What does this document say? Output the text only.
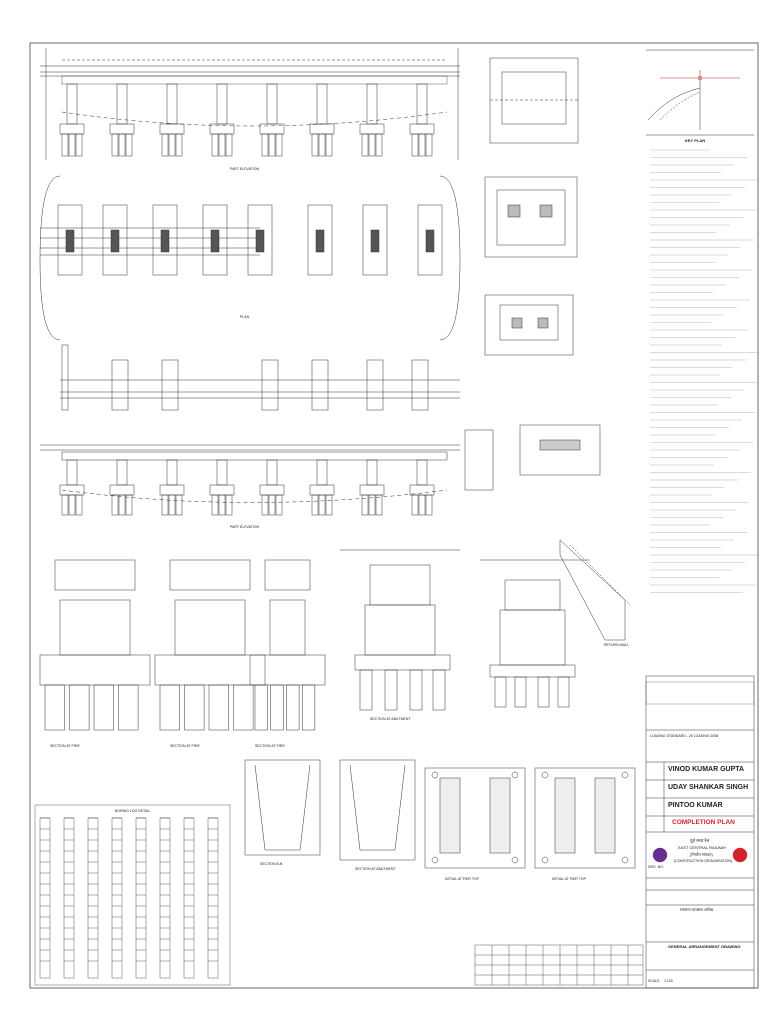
PART ELEVATION
PLAN
PART ELEVATION
SECTION AT ABUTMENT
RETURN WALL
SECTION B-B
SECTION AT ABUTMENT
DETAIL AT PIER TOP	DETAIL AT PIER TOP
BORING LOG DETAIL
KEY PLAN
LOADING STANDARD - 25 LOADING 2008
VINOD KUMAR GUPTA
UDAY SHANKAR SINGH
PINTOO KUMAR
COMPLETION PLAN
पूर्व मध्य रेल
EAST CENTRAL RAILWAY
(निर्माण संगठन)
(CONSTRUCTION ORGANISATION)
सामान्य व्यवस्था आरेख
GENERAL ARRANGEMENT DRAWING
SCALE 1:100
DRG. NO.
SECTION AT PIER	SECTION AT PIER	SECTION AT PIER
